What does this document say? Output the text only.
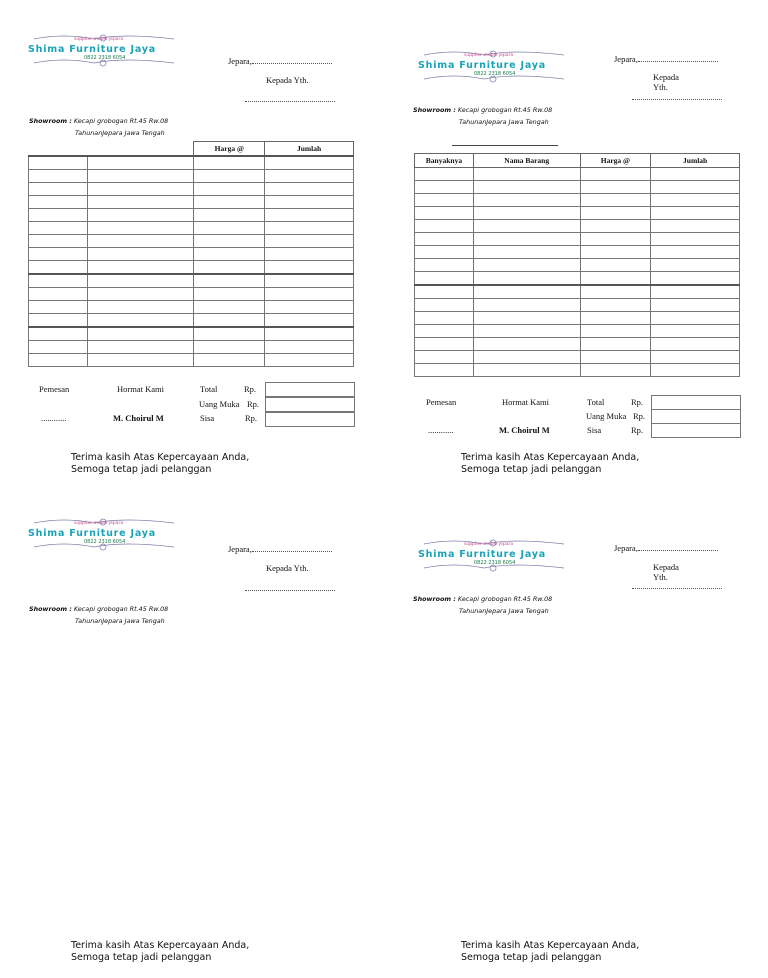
supplier mebel jepara
Shima Furniture Jaya
0822 2318 6054	Jepara,
Kepada Yth.
Showroom : Kecapi grobogan Rt.45 Rw.08
TahunanJepara Jawa Tengah
		Harga @	Jumlah

Pemesan
............
Hormat Kami
M. Choirul M
Total	Rp.
Uang Muka Rp.
Sisa	Rp.
Terima kasih Atas Kepercayaan Anda,
Semoga tetap jadi pelanggan
supplier mebel jepara
Shima Furniture Jaya
0822 2318 6054
Jepara,
Kepada Yth.
Showroom : Kecapi grobogan Rt.45 Rw.08
TahunanJepara Jawa Tengah
Banyaknya	Nama Barang	Harga @	Jumlah

Pemesan
............
Hormat Kami
M. Choirul M
Total	Rp.
Uang Muka Rp.
Sisa	Rp.
Terima kasih Atas Kepercayaan Anda,
Semoga tetap jadi pelanggan
supplier mebel jepara
Shima Furniture Jaya
0822 2318 6054
Jepara,
Kepada Yth.
Showroom : Kecapi grobogan Rt.45 Rw.08
TahunanJepara Jawa Tengah
Terima kasih Atas Kepercayaan Anda,
Semoga tetap jadi pelanggan
supplier mebel jepara
Shima Furniture Jaya
0822 2318 6054
Jepara,
Kepada Yth.
Showroom : Kecapi grobogan Rt.45 Rw.08
TahunanJepara Jawa Tengah
Terima kasih Atas Kepercayaan Anda,
Semoga tetap jadi pelanggan
